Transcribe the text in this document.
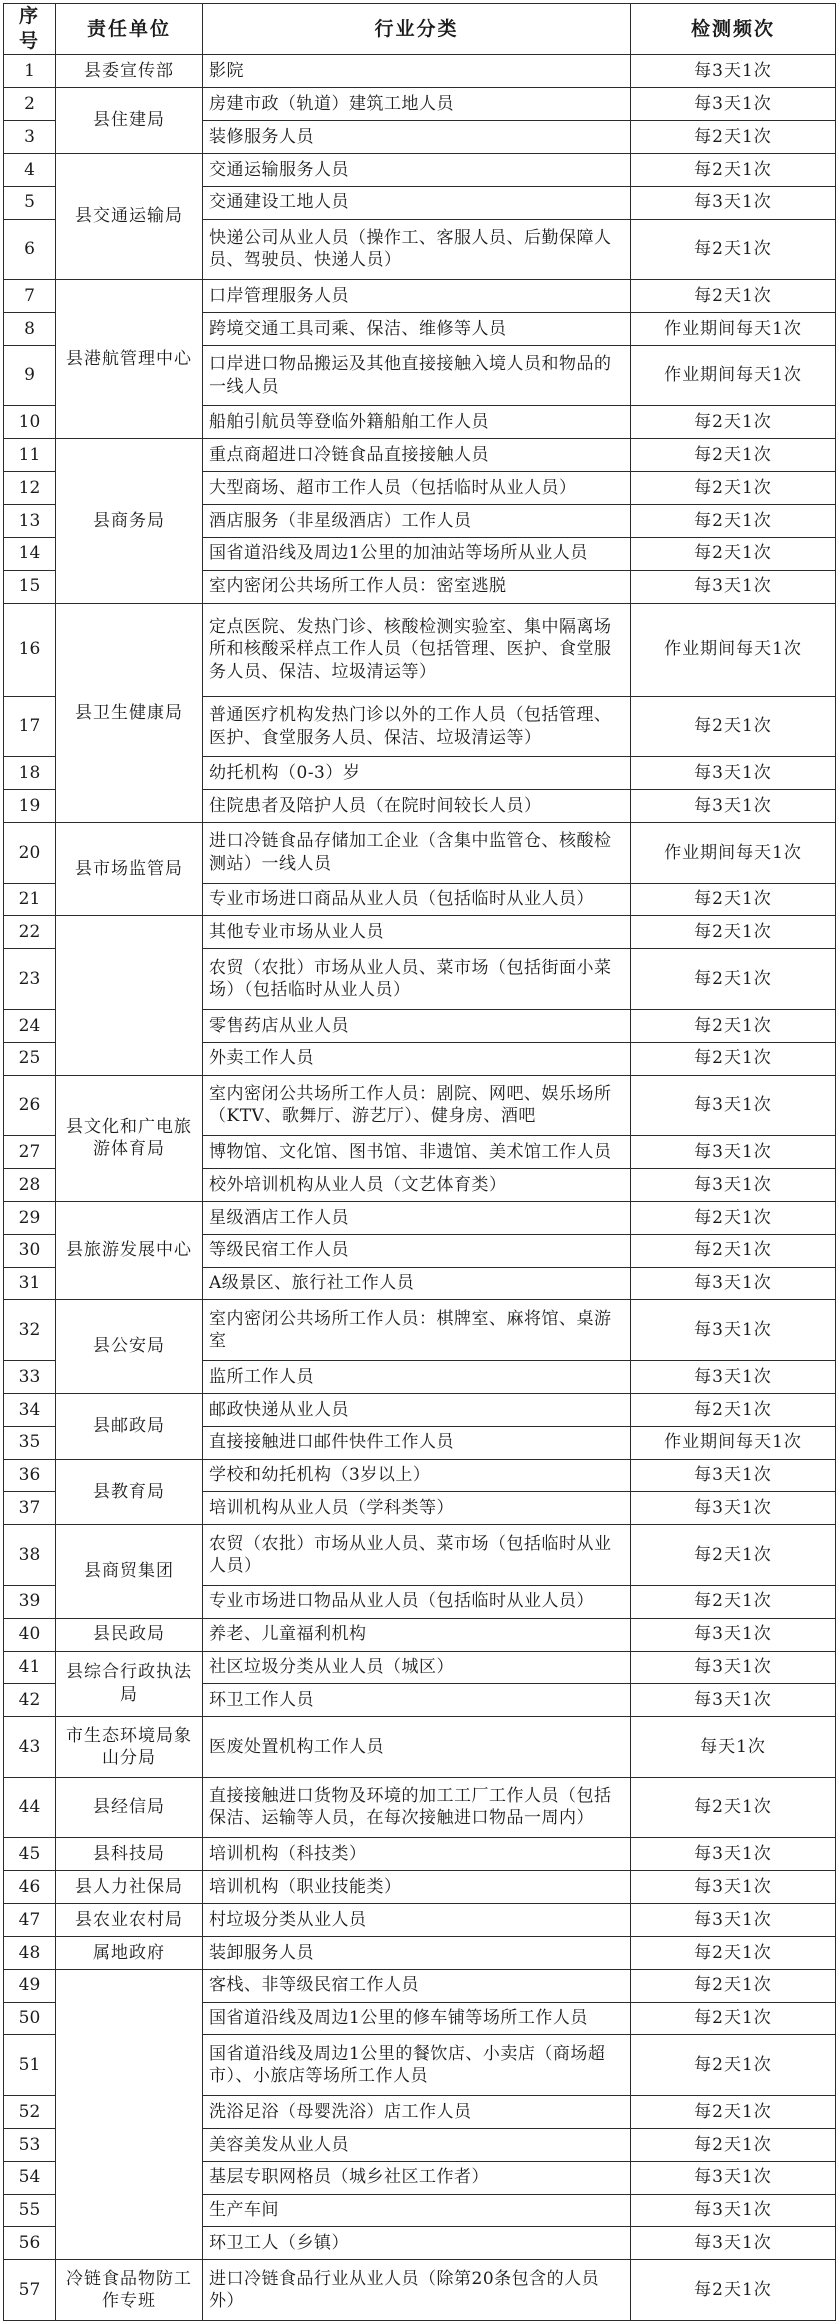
序号	责任单位	行业分类	检测频次
1	县委宣传部	影院	每3天1次
2	县住建局	房建市政（轨道）建筑工地人员	每3天1次
3		装修服务人员	每2天1次
4	县交通运输局	交通运输服务人员	每2天1次
5		交通建设工地人员	每3天1次
6		快递公司从业人员（操作工、客服人员、后勤保障人员、驾驶员、快递人员）	每2天1次
7	县港航管理中心	口岸管理服务人员	每2天1次
8		跨境交通工具司乘、保洁、维修等人员	作业期间每天1次
9		口岸进口物品搬运及其他直接接触入境人员和物品的一线人员	作业期间每天1次
10		船舶引航员等登临外籍船舶工作人员	每2天1次
11	县商务局	重点商超进口冷链食品直接接触人员	每2天1次
12		大型商场、超市工作人员（包括临时从业人员）	每2天1次
13		酒店服务（非星级酒店）工作人员	每2天1次
14		国省道沿线及周边1公里的加油站等场所从业人员	每2天1次
15		室内密闭公共场所工作人员：密室逃脱	每3天1次
16	县卫生健康局	定点医院、发热门诊、核酸检测实验室、集中隔离场所和核酸采样点工作人员（包括管理、医护、食堂服务人员、保洁、垃圾清运等）	作业期间每天1次
17		普通医疗机构发热门诊以外的工作人员（包括管理、医护、食堂服务人员、保洁、垃圾清运等）	每2天1次
18		幼托机构（0-3）岁	每3天1次
19		住院患者及陪护人员（在院时间较长人员）	每3天1次
20	县市场监管局	进口冷链食品存储加工企业（含集中监管仓、核酸检测站）一线人员	作业期间每天1次
21		专业市场进口商品从业人员（包括临时从业人员）	每2天1次
22		其他专业市场从业人员	每2天1次
23		农贸（农批）市场从业人员、菜市场（包括街面小菜场）（包括临时从业人员）	每2天1次
24		零售药店从业人员	每2天1次
25		外卖工作人员	每2天1次
26	县文化和广电旅游体育局	室内密闭公共场所工作人员：剧院、网吧、娱乐场所（KTV、歌舞厅、游艺厅）、健身房、酒吧	每3天1次
27		博物馆、文化馆、图书馆、非遗馆、美术馆工作人员	每3天1次
28		校外培训机构从业人员（文艺体育类）	每3天1次
29	县旅游发展中心	星级酒店工作人员	每2天1次
30		等级民宿工作人员	每2天1次
31		A级景区、旅行社工作人员	每3天1次
32	县公安局	室内密闭公共场所工作人员：棋牌室、麻将馆、桌游室	每3天1次
33		监所工作人员	每3天1次
34	县邮政局	邮政快递从业人员	每2天1次
35		直接接触进口邮件快件工作人员	作业期间每天1次
36	县教育局	学校和幼托机构（3岁以上）	每3天1次
37		培训机构从业人员（学科类等）	每3天1次
38	县商贸集团	农贸（农批）市场从业人员、菜市场（包括临时从业人员）	每2天1次
39		专业市场进口物品从业人员（包括临时从业人员）	每2天1次
40	县民政局	养老、儿童福利机构	每3天1次
41	县综合行政执法局	社区垃圾分类从业人员（城区）	每3天1次
42		环卫工作人员	每3天1次
43	市生态环境局象山分局	医废处置机构工作人员	每天1次
44	县经信局	直接接触进口货物及环境的加工工厂工作人员（包括保洁、运输等人员，在每次接触进口物品一周内）	每2天1次
45	县科技局	培训机构（科技类）	每3天1次
46	县人力社保局	培训机构（职业技能类）	每3天1次
47	县农业农村局	村垃圾分类从业人员	每3天1次
48	属地政府	装卸服务人员	每2天1次
49		客栈、非等级民宿工作人员	每2天1次
50		国省道沿线及周边1公里的修车铺等场所工作人员	每2天1次
51		国省道沿线及周边1公里的餐饮店、小卖店（商场超市）、小旅店等场所工作人员	每2天1次
52		洗浴足浴（母婴洗浴）店工作人员	每2天1次
53		美容美发从业人员	每2天1次
54		基层专职网格员（城乡社区工作者）	每3天1次
55		生产车间	每3天1次
56		环卫工人（乡镇）	每3天1次
57	冷链食品物防工作专班	进口冷链食品行业从业人员（除第20条包含的人员外）	每2天1次
